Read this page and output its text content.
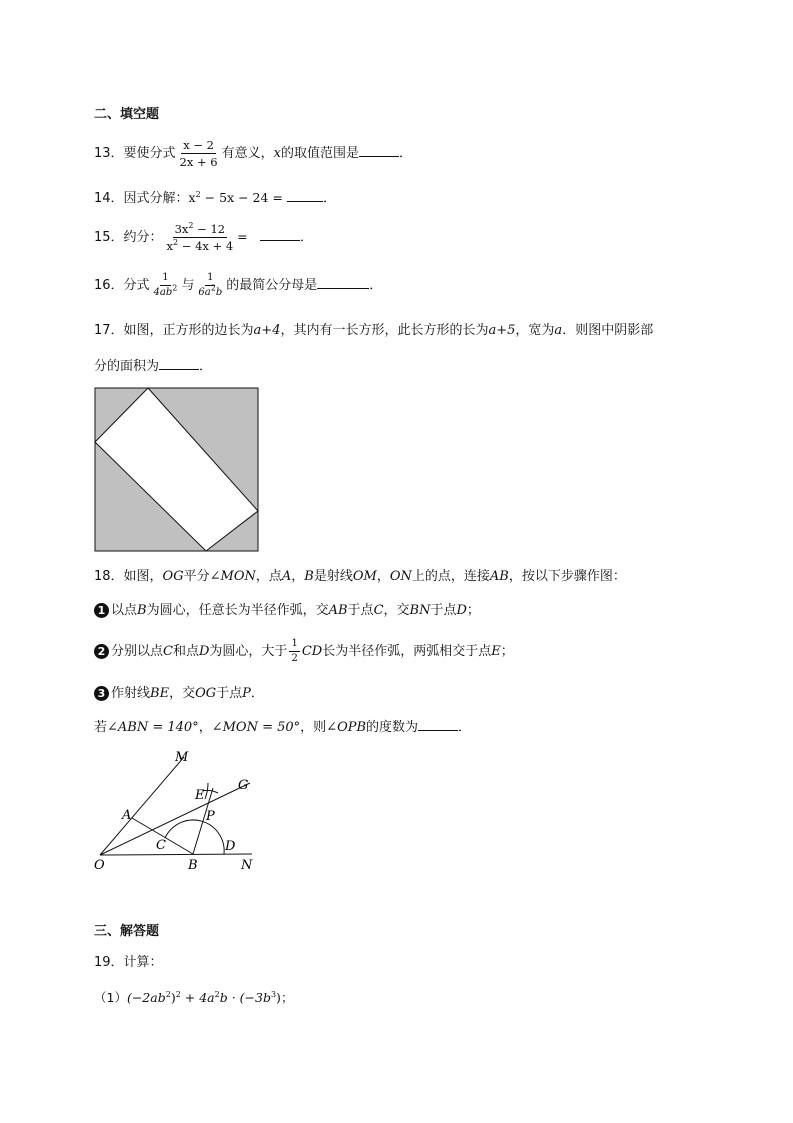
二、填空题
13．要使分式 $\frac{x - 2}{2x + 6}$ 有意义，x的取值范围是	．
14．因式分解：$x^2 - 5x - 24$ =	．
15．约分： $\frac{3x^2 - 12}{x^2 - 4x + 4}$ =	．
16．分式 $\frac{1}{4ab^2}$ 与 $\frac{1}{6a^2b}$ 的最简公分母是	．
17．如图，正方形的边长为a+4，其内有一长方形，此长方形的长为a+5，宽为a．则图中阴影部
分的面积为	．
18．如图，OG平分∠MON，点A，B是射线OM，ON上的点，连接AB，按以下步骤作图：
1 以点B为圆心，任意长为半径作弧，交AB于点C，交BN于点D；
2 分别以点C和点D为圆心，大于 $\frac{1}{2}$ CD长为半径作弧，两弧相交于点E；
3 作射线BE，交OG于点P．
若∠ABN = 140°，∠MON = 50°，则∠OPB的度数为	．
M
G
E
P
A
C	D
O	B	N
三、解答题
19．计算：
$(1)(-2ab^2)^2 + 4a^2b \cdot (-3b^3)$；
